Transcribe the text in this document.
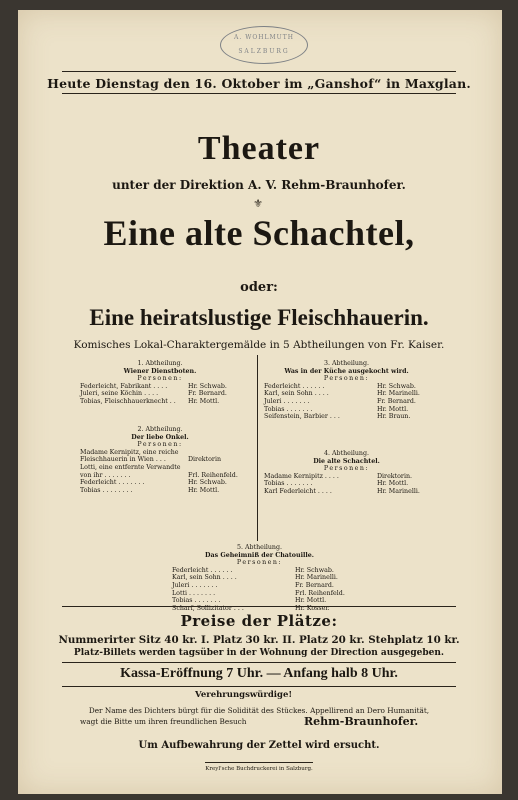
A. WOHLMUTH
SALZBURG
Heute Dienstag den 16. Oktober im „Ganshof“ in Maxglan.
Theater
unter der Direktion A. V. Rehm-Braunhofer.
⚜
Eine alte Schachtel,
oder:
Eine heiratslustige Fleischhauerin.
Komisches Lokal-Charaktergemälde in 5 Abtheilungen von Fr. Kaiser.
1. Abtheilung.
Wiener Dienstboten.
Personen:
Federleicht, Fabrikant . . . .	Hr. Schwab.
Juleri, seine Köchin . . . .	Fr. Bernard.
Tobias, Fleischhauerknecht . . Hr. Mottl.
2. Abtheilung.
Der liebe Onkel.
Personen:
Madame Kernipitz, eine reiche
Fleischhauerin in Wien . . .	Direktorin
Lotti, eine entfernte Verwandte
von ihr . . . . . . .	Frl. Reihenfeld.
Federleicht . . . . . . .	Hr. Schwab.
Tobias . . . . . . . .	Hr. Mottl.
3. Abtheilung.
Was in der Küche ausgekocht wird.
Personen:
Federleicht . . . . . .	Hr. Schwab.
Karl, sein Sohn . . . .	Hr. Marinelli.
Juleri . . . . . . .	Fr. Bernard.
Tobias . . . . . . .	Hr. Mottl.
Seifenstein, Barbier . . .	Hr. Braun.
4. Abtheilung.
Die alte Schachtel.
Personen:
Madame Kernipitz . . . .	Direktorin.
Tobias . . . . . . .	Hr. Mottl.
Karl Federleicht . . . .	Hr. Marinelli.
5. Abtheilung.
Das Geheimniß der Chatouille.
Personen:
Federleicht . . . . . .	Hr. Schwab.
Karl, sein Sohn . . . .	Hr. Marinelli.
Juleri . . . . . . .	Fr. Bernard.
Lotti . . . . . . .	Frl. Reihenfeld.
Tobias . . . . . . .	Hr. Mottl.
Scharf, Sollizitator . . .	Hr. Kosser.
Preise der Plätze:
Nummerirter Sitz 40 kr. I. Platz 30 kr. II. Platz 20 kr. Stehplatz 10 kr.
Platz-Billets werden tagsüber in der Wohnung der Direction ausgegeben.
Kassa-Eröffnung 7 Uhr. — Anfang halb 8 Uhr.
Verehrungswürdige!
Der Name des Dichters bürgt für die Solidität des Stückes. Appellirend an Dero Humanität,
wagt die Bitte um ihren freundlichen Besuch	Rehm-Braunhofer.
Um Aufbewahrung der Zettel wird ersucht.
Kreyl'sche Buchdruckerei in Salzburg.
